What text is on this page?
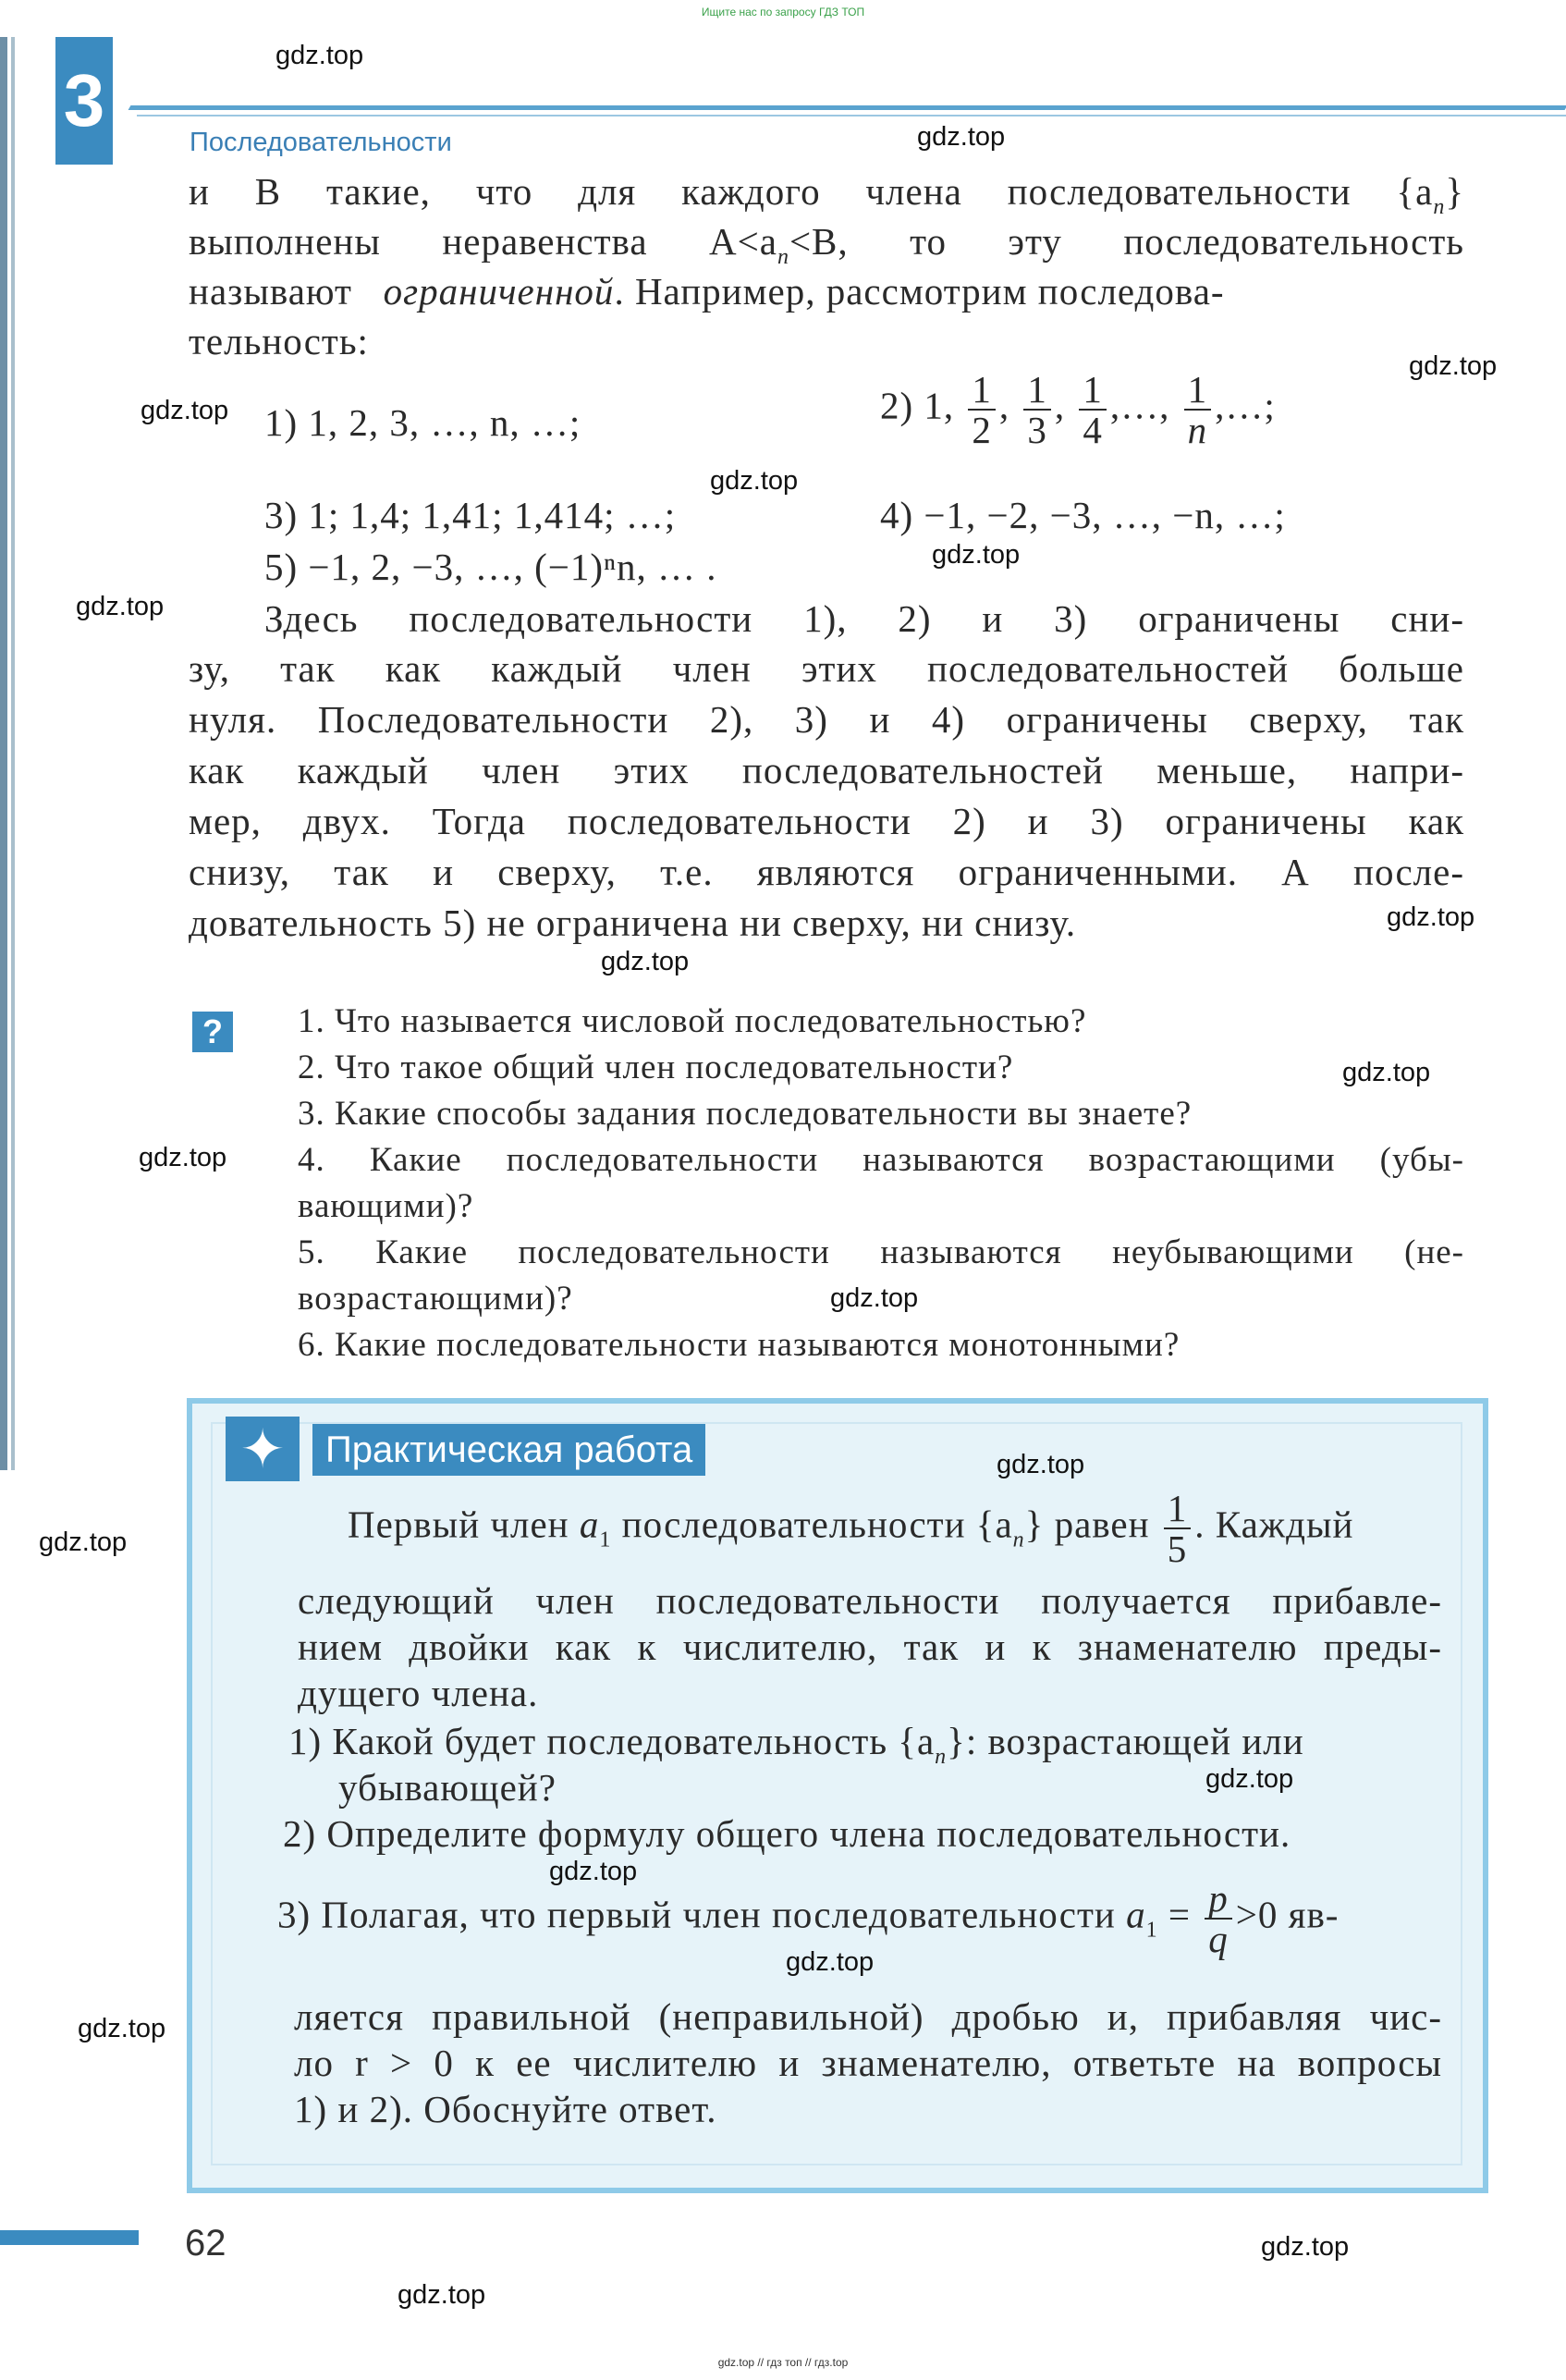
Ищите нас по запросу ГДЗ ТОП
3
Последовательности
и B такие, что для каждого члена последовательности $\{a_n\}$
выполнены неравенства $A<a_n<B$, то эту последовательность
называют ограниченной. Например, рассмотрим последова-
тельность:
1) 1, 2, 3, …, n, …;	2) 1, $\frac{1}{2}$ , $\frac{1}{3}$ , $\frac{1}{4}$ ,…, $\frac{1}{n}$ ,…;
3) 1; 1,4; 1,41; 1,414; …;	4) −1, −2, −3, …, −n, …;
5) −1, 2, −3, …, (−1)ⁿn, … .
Здесь последовательности 1), 2) и 3) ограничены сни-
зу, так как каждый член этих последовательностей больше
нуля. Последовательности 2), 3) и 4) ограничены сверху, так
как каждый член этих последовательностей меньше, напри-
мер, двух. Тогда последовательности 2) и 3) ограничены как
снизу, так и сверху, т.е. являются ограниченными. А после-
довательность 5) не ограничена ни сверху, ни снизу.
? 1. Что называется числовой последовательностью?
2. Что такое общий член последовательности?
3. Какие способы задания последовательности вы знаете?
4. Какие последовательности называются возрастающими (убы-
вающими)?
5. Какие последовательности называются неубывающими (не-
возрастающими)?
6. Какие последовательности называются монотонными?
✦	Практическая работа
Первый член $a_1$ последовательности $\{a_n\}$ равен $\frac{1}{5}$ . Каждый
следующий член последовательности получается прибавле-
нием двойки как к числителю, так и к знаменателю преды-
дущего члена.
1) Какой будет последовательность $\{a_n\}$: возрастающей или
убывающей?
2) Определите формулу общего члена последовательности.
3) Полагая, что первый член последовательности $a_1 = \frac{p}{q} >0$ яв-
ляется правильной (неправильной) дробью и, прибавляя чис-
ло r > 0 к ее числителю и знаменателю, ответьте на вопросы
1) и 2). Обоснуйте ответ.
62
gdz.top // гдз топ // гдз.top
gdz.top
gdz.top
gdz.top
gdz.top
gdz.top
gdz.top
gdz.top
gdz.top
gdz.top
gdz.top
gdz.top
gdz.top
gdz.top
gdz.top
gdz.top
gdz.top
gdz.top
gdz.top
gdz.top
gdz.top
